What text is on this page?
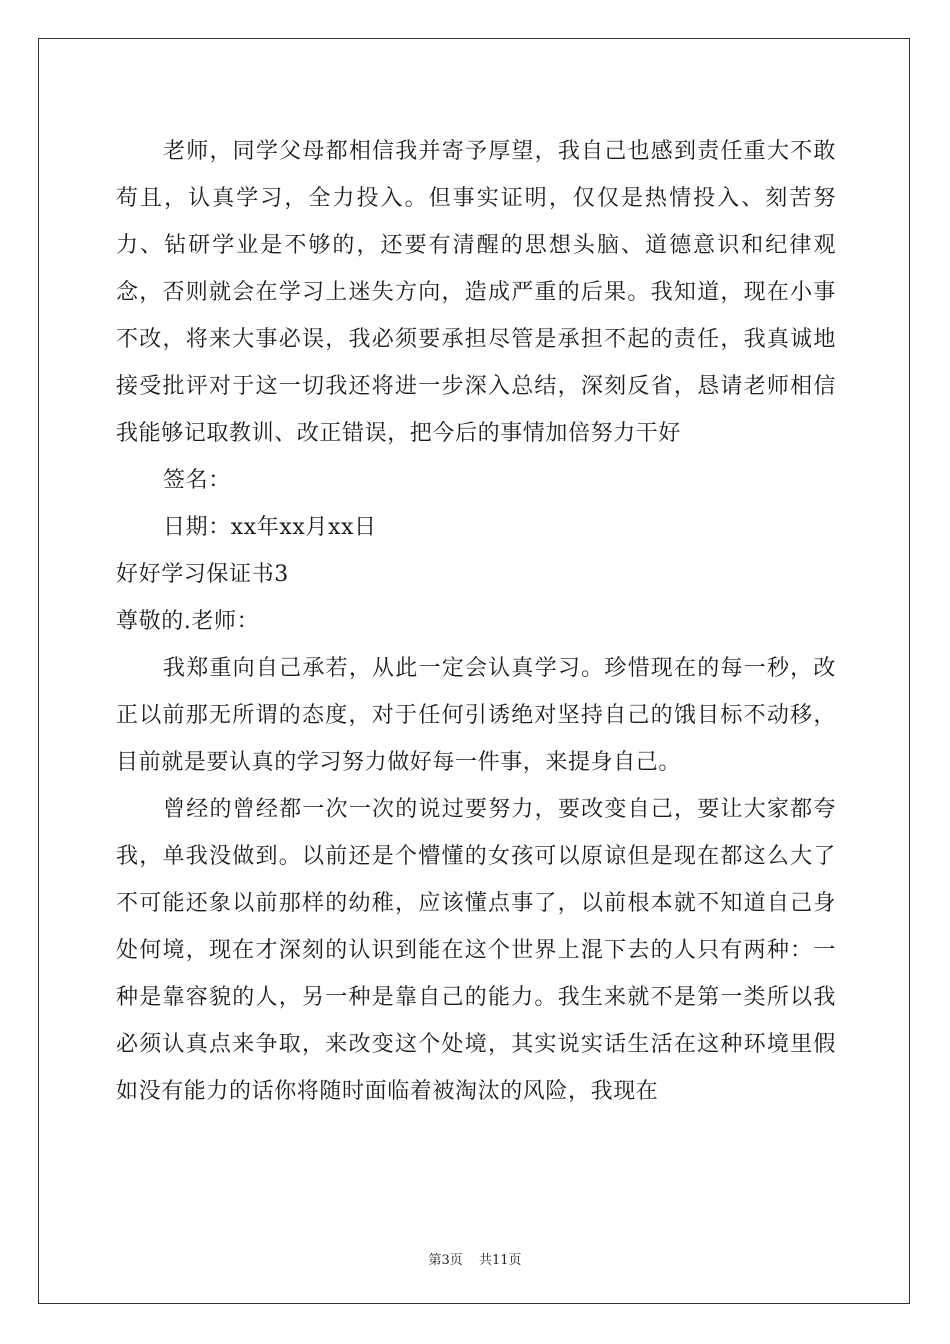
老师，同学父母都相信我并寄予厚望，我自己也感到责任重大不敢苟且，认真学习，全力投入。但事实证明，仅仅是热情投入、刻苦努力、钻研学业是不够的，还要有清醒的思想头脑、道德意识和纪律观念，否则就会在学习上迷失方向，造成严重的后果。我知道，现在小事不改，将来大事必误，我必须要承担尽管是承担不起的责任，我真诚地接受批评对于这一切我还将进一步深入总结，深刻反省，恳请老师相信我能够记取教训、改正错误，把今后的事情加倍努力干好

签名：

日期：xx年xx月xx日

好好学习保证书3

尊敬的.老师：

我郑重向自己承若，从此一定会认真学习。珍惜现在的每一秒，改正以前那无所谓的态度，对于任何引诱绝对坚持自己的饿目标不动移，目前就是要认真的学习努力做好每一件事，来提身自己。

曾经的曾经都一次一次的说过要努力，要改变自己，要让大家都夸我，单我没做到。以前还是个懵懂的女孩可以原谅但是现在都这么大了不可能还象以前那样的幼稚，应该懂点事了，以前根本就不知道自己身处何境，现在才深刻的认识到能在这个世界上混下去的人只有两种：一种是靠容貌的人，另一种是靠自己的能力。我生来就不是第一类所以我必须认真点来争取，来改变这个处境，其实说实话生活在这种环境里假如没有能力的话你将随时面临着被淘汰的风险，我现在

第3页 共11页
